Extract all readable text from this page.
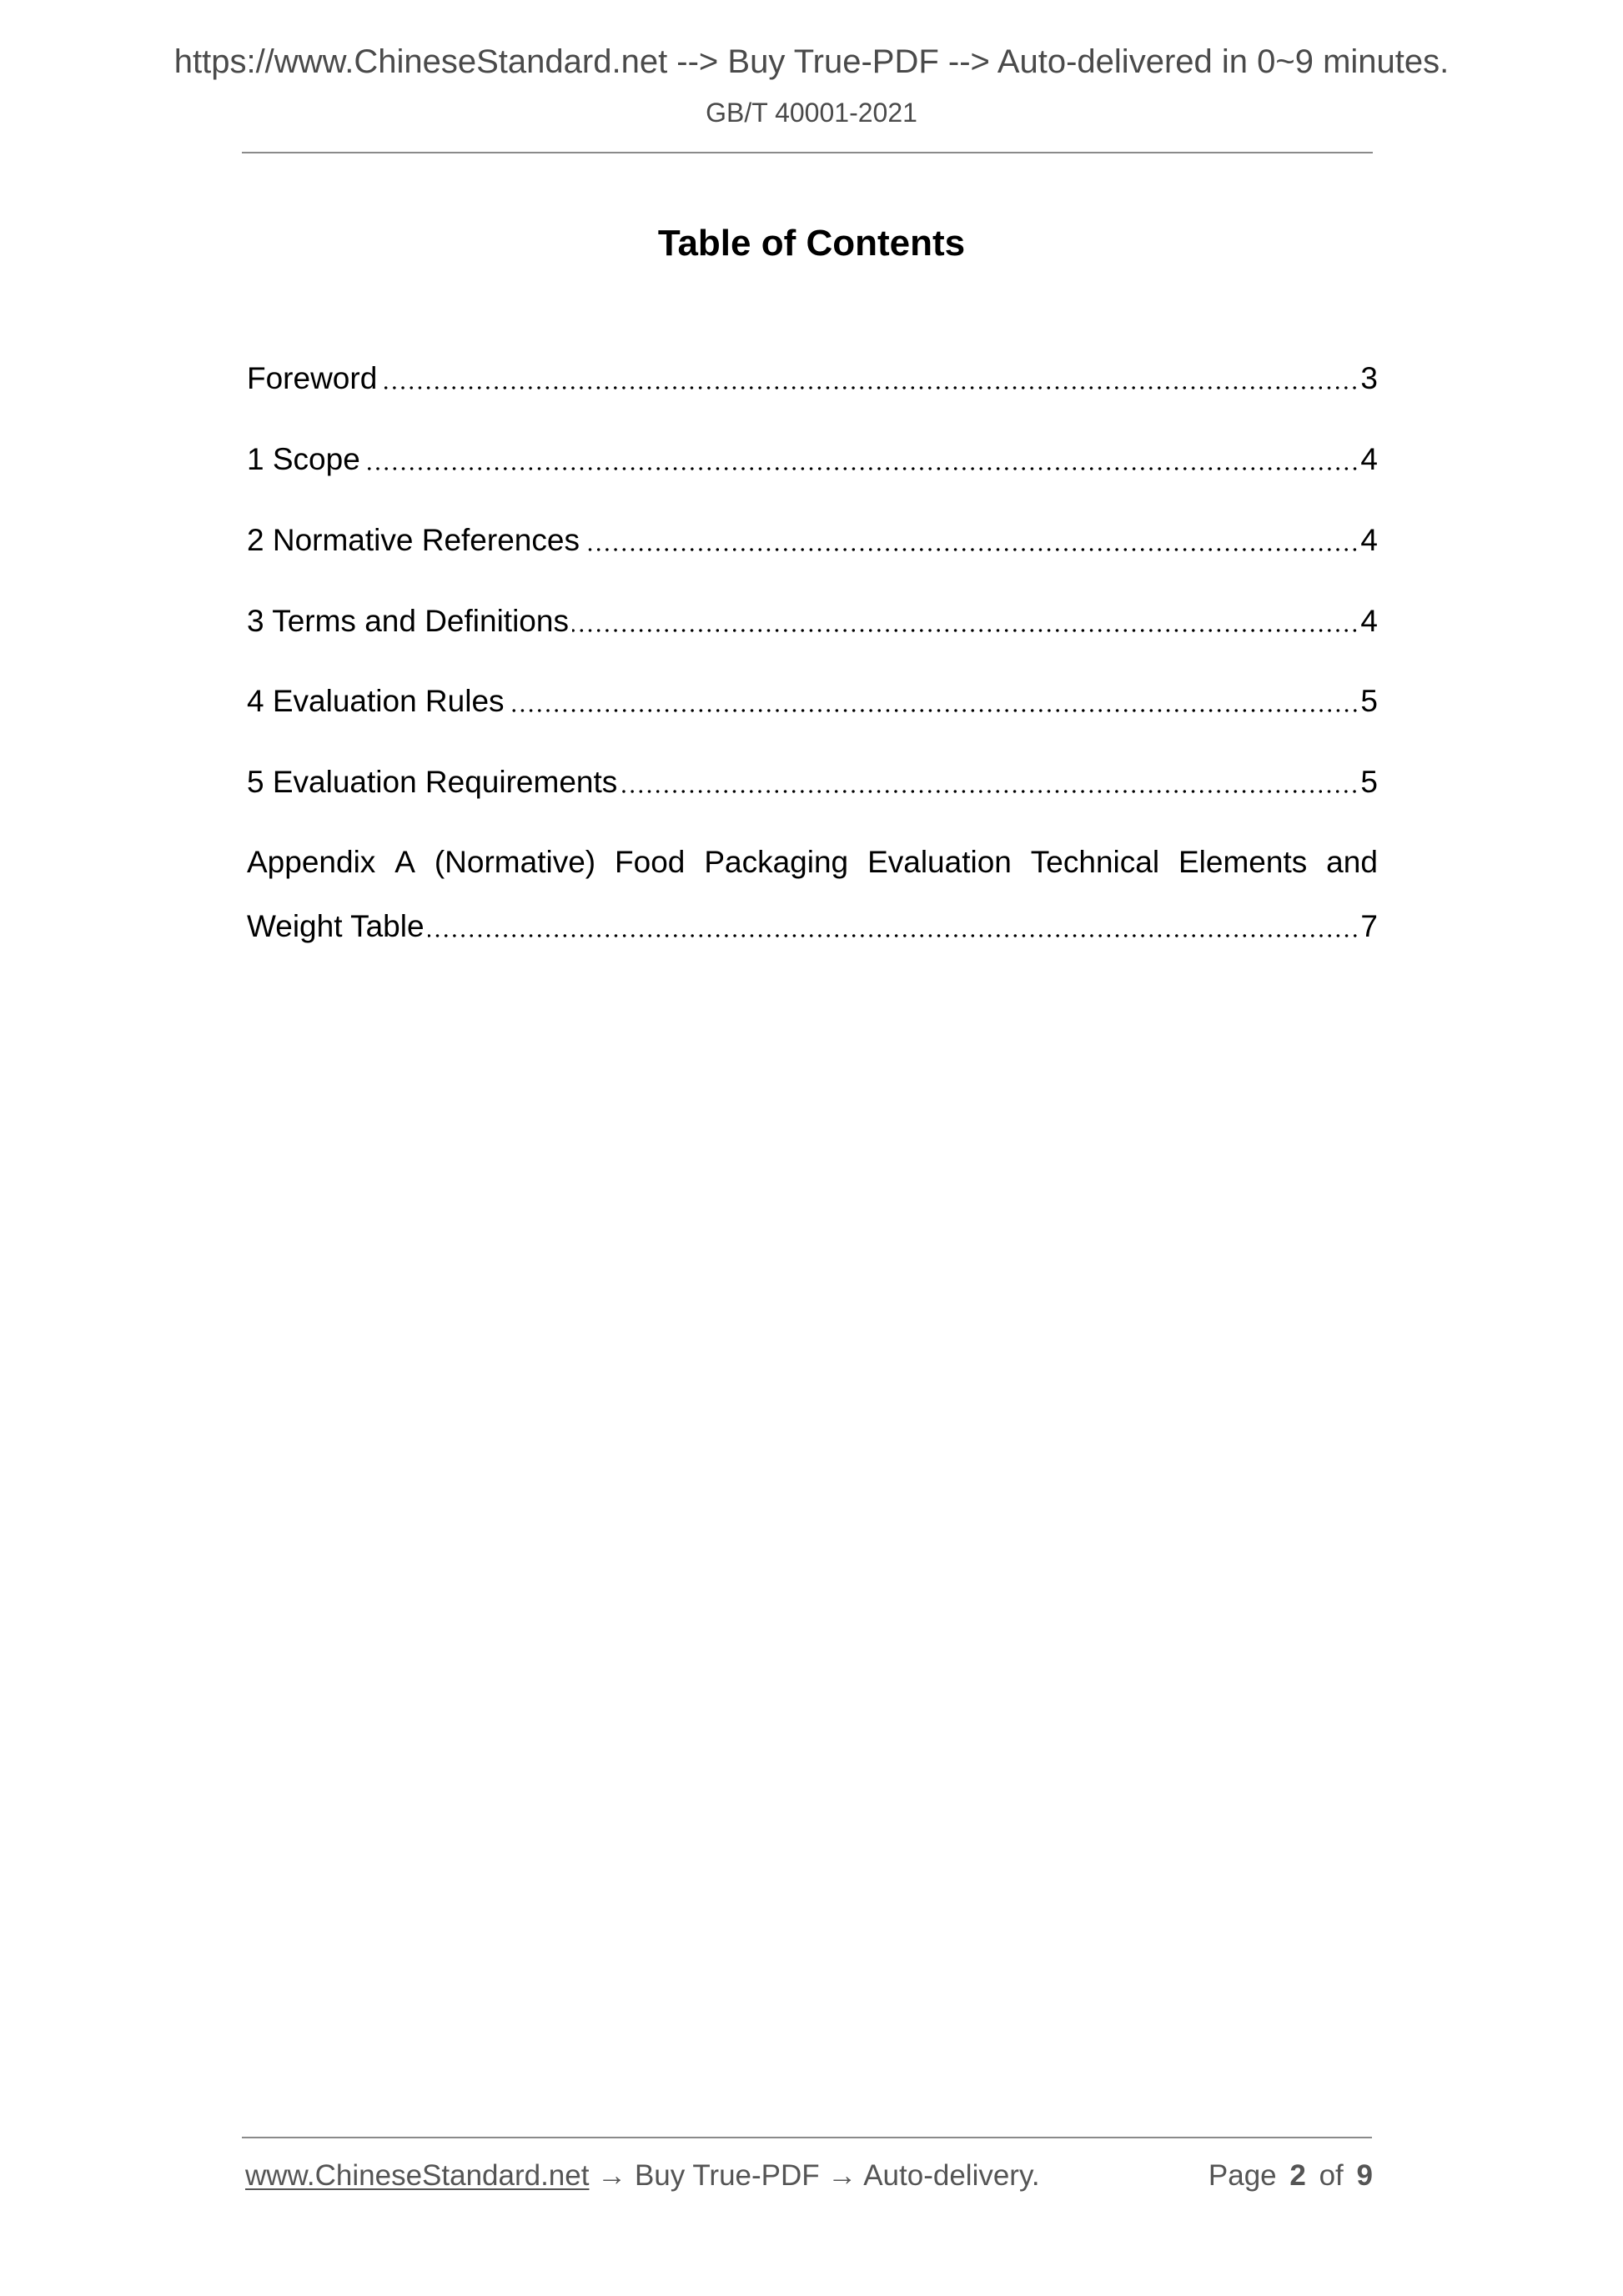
https://www.ChineseStandard.net --> Buy True-PDF --> Auto-delivered in 0~9 minutes.
GB/T 40001-2021
Table of Contents
Foreword	3
1 Scope	4
2 Normative References	4
3 Terms and Definitions	4
4 Evaluation Rules	5
5 Evaluation Requirements	5
Appendix A (Normative) Food Packaging Evaluation Technical Elements and
Weight Table	7
www.ChineseStandard.net → Buy True-PDF → Auto-delivery.	Page 2 of 9
